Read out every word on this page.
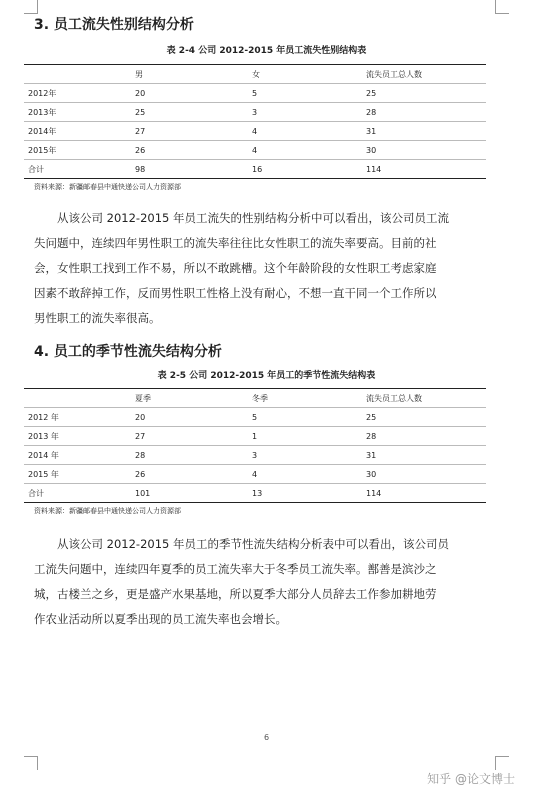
3. 员工流失性别结构分析
表 2-4 公司 2012-2015 年员工流失性别结构表
	男	女	流失员工总人数
2012年	20	5	25
2013年	25	3	28
2014年	27	4	31
2015年	26	4	30
合计	98	16	114
资料来源：新疆邮春县中通快递公司人力资源部
从该公司 2012-2015 年员工流失的性别结构分析中可以看出，该公司员工流
失问题中，连续四年男性职工的流失率往往比女性职工的流失率要高。目前的社
会，女性职工找到工作不易，所以不敢跳槽。这个年龄阶段的女性职工考虑家庭
因素不敢辞掉工作，反而男性职工性格上没有耐心，不想一直干同一个工作所以
男性职工的流失率很高。
4. 员工的季节性流失结构分析
表 2-5 公司 2012-2015 年员工的季节性流失结构表
	夏季	冬季	流失员工总人数
2012 年	20	5	25
2013 年	27	1	28
2014 年	28	3	31
2015 年	26	4	30
合计	101	13	114
资料来源：新疆邮春县中通快递公司人力资源部
从该公司 2012-2015 年员工的季节性流失结构分析表中可以看出，该公司员
工流失问题中，连续四年夏季的员工流失率大于冬季员工流失率。鄯善是滨沙之
城，古楼兰之乡，更是盛产水果基地，所以夏季大部分人员辞去工作参加耕地劳
作农业活动所以夏季出现的员工流失率也会增长。
6
知乎 @论文博士
